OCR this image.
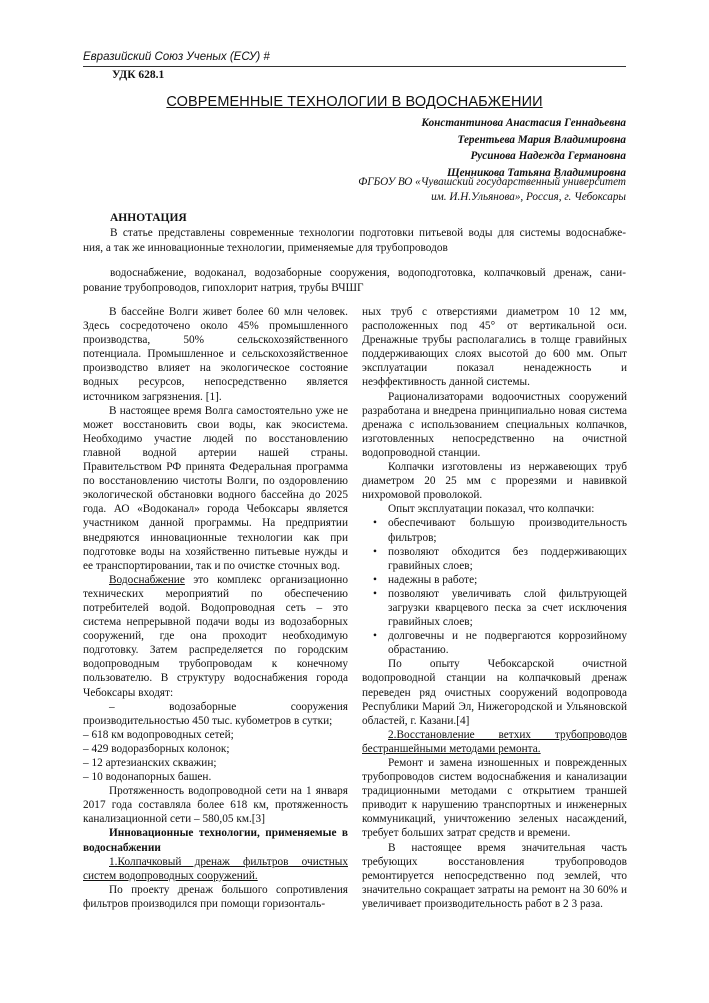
Евразийский Союз Ученых (ЕСУ) #
УДК 628.1
СОВРЕМЕННЫЕ ТЕХНОЛОГИИ В ВОДОСНАБЖЕНИИ
Константинова Анастасия Геннадьевна
Терентьева Мария Владимировна
Русинова Надежда Германовна
Щенникова Татьяна Владимировна
ФГБОУ ВО «Чувашский государственный университет
им. И.Н.Ульянова», Россия, г. Чебоксары
АННОТАЦИЯ
В статье представлены современные технологии подготовки питьевой воды для системы водоснабже-
ния, а так же инновационные технологии, применяемые для трубопроводов
водоснабжение, водоканал, водозаборные сооружения, водоподготовка, колпачковый дренаж, сани-
рование трубопроводов, гипохлорит натрия, трубы ВЧШГ

В бассейне Волги живет более 60 млн человек. Здесь сосредоточено около 45% промышленного производства, 50% сельскохозяйственного потенциала. Промышленное и сельскохозяйственное производство влияет на экологическое состояние водных ресурсов, непосредственно является источником загрязнения. [1].

В настоящее время Волга самостоятельно уже не может восстановить свои воды, как экосистема. Необходимо участие людей по восстановлению главной водной артерии нашей страны. Правительством РФ принята Федеральная программа по восстановлению чистоты Волги, по оздоровлению экологической обстановки водного бассейна до 2025 года. АО «Водоканал» города Чебоксары является участником данной программы. На предприятии внедряются инновационные технологии как при подготовке воды на хозяйственно питьевые нужды и ее транспортировании, так и по очистке сточных вод.

Водоснабжение это комплекс организационно технических мероприятий по обеспечению потребителей водой. Водопроводная сеть – это система непрерывной подачи воды из водозаборных сооружений, где она проходит необходимую подготовку. Затем распределяется по городским водопроводным трубопроводам к конечному пользователю. В структуру водоснабжения города Чебоксары входят:

– водозаборные сооружения производительностью 450 тыс. кубометров в сутки;

– 618 км водопроводных сетей;

– 429 водоразборных колонок;

– 12 артезианских скважин;

– 10 водонапорных башен.

Протяженность водопроводной сети на 1 января 2017 года составляла более 618 км, протяженность канализационной сети – 580,05 км.[3]

Инновационные технологии, применяемые в водоснабжении

1.Колпачковый дренаж фильтров очистных систем водопроводных сооружений.

По проекту дренаж большого сопротивления фильтров производился при помощи горизонталь-

ных труб с отверстиями диаметром 10 12 мм, расположенных под 45° от вертикальной оси. Дренажные трубы располагались в толще гравийных поддерживающих слоях высотой до 600 мм. Опыт эксплуатации показал ненадежность и неэффективность данной системы.

Рационализаторами водоочистных сооружений разработана и внедрена принципиально новая система дренажа с использованием специальных колпачков, изготовленных непосредственно на очистной водопроводной станции.

Колпачки изготовлены из нержавеющих труб диаметром 20 25 мм с прорезями и навивкой нихромовой проволокой.

Опыт эксплуатации показал, что колпачки:

• обеспечивают большую производительность фильтров;
• позволяют обходится без поддерживающих гравийных слоев;
• надежны в работе;
• позволяют увеличивать слой фильтрующей загрузки кварцевого песка за счет исключения гравийных слоев;
• долговечны и не подвергаются коррозийному обрастанию.

По опыту Чебоксарской очистной водопроводной станции на колпачковый дренаж переведен ряд очистных сооружений водопровода Республики Марий Эл, Нижегородской и Ульяновской областей, г. Казани.[4]

2.Восстановление ветхих трубопроводов бестраншейными методами ремонта.

Ремонт и замена изношенных и поврежденных трубопроводов систем водоснабжения и канализации традиционными методами с открытием траншей приводит к нарушению транспортных и инженерных коммуникаций, уничтожению зеленых насаждений, требует больших затрат средств и времени.

В настоящее время значительная часть требующих восстановления трубопроводов ремонтируется непосредственно под землей, что значительно сокращает затраты на ремонт на 30 60% и увеличивает производительность работ в 2 3 раза.
